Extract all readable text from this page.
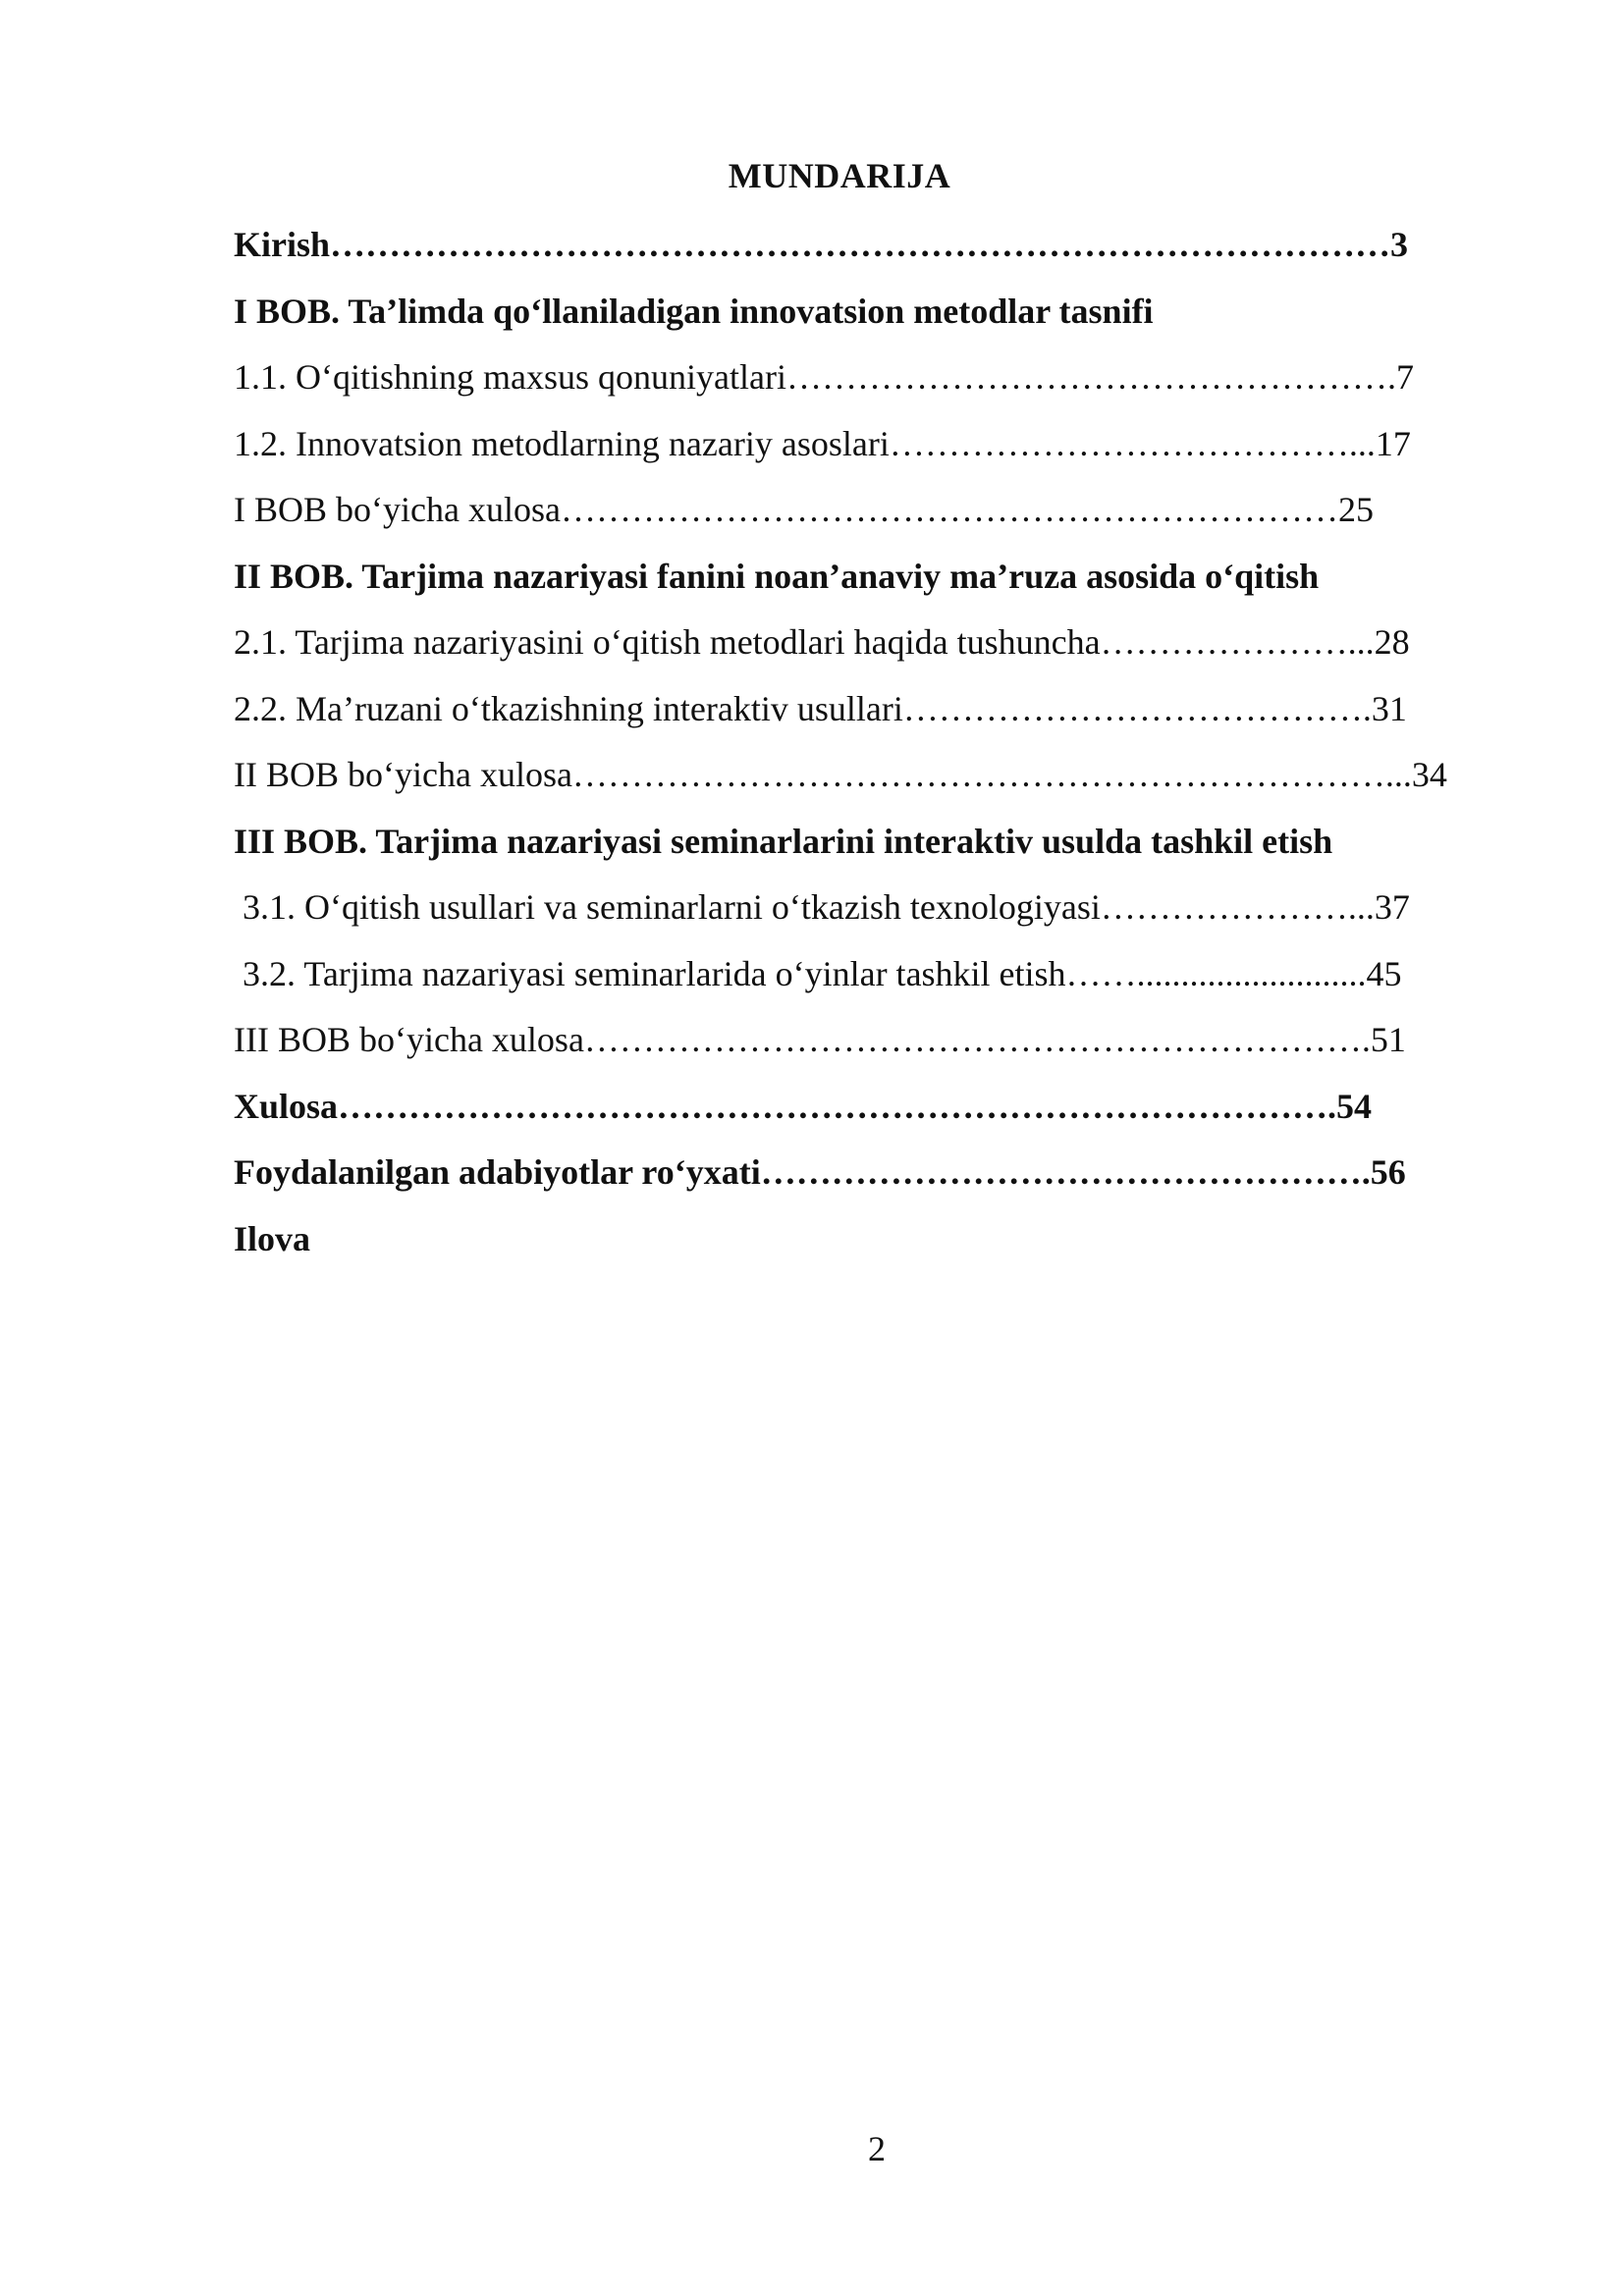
MUNDARIJA
Kirish………………………………………………………………………………3
I BOB. Ta’limda qo‘llaniladigan innovatsion metodlar tasnifi
1.1. O‘qitishning maxsus qonuniyatlari…………………………………………….7
1.2. Innovatsion metodlarning nazariy asoslari…………………………………...17
I BOB bo‘yicha xulosa…………………………………………………………25
II BOB. Tarjima nazariyasi fanini noan’anaviy ma’ruza asosida o‘qitish
2.1. Tarjima nazariyasini o‘qitish metodlari haqida tushuncha…………………...28
2.2. Ma’ruzani o‘tkazishning interaktiv usullari………………………………….31
II BOB bo‘yicha xulosa……………………………………………………………...34
III BOB. Tarjima nazariyasi seminarlarini interaktiv usulda tashkil etish
3.1. O‘qitish usullari va seminarlarni o‘tkazish texnologiyasi…………………...37
3.2. Tarjima nazariyasi seminarlarida o‘yinlar tashkil etish……..........................45
III BOB bo‘yicha xulosa………………………………………………………….51
Xulosa………………………………………………………………………….54
Foydalanilgan adabiyotlar ro‘yxati…………………………………………….56
Ilova
2
